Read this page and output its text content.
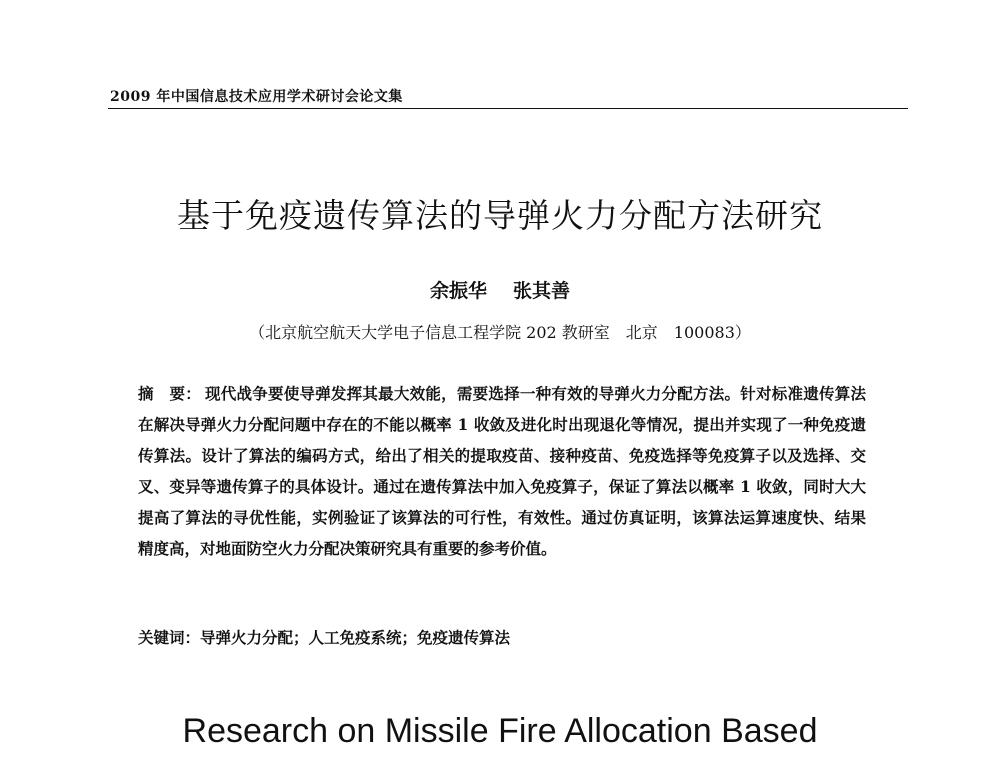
2009 年中国信息技术应用学术研讨会论文集
基于免疫遗传算法的导弹火力分配方法研究
余振华 张其善
（北京航空航天大学电子信息工程学院 202 教研室　北京　100083）
摘　要： 现代战争要使导弹发挥其最大效能，需要选择一种有效的导弹火力分配方法。针对标准遗传算法在解决导弹火力分配问题中存在的不能以概率 1 收敛及进化时出现退化等情况，提出并实现了一种免疫遗传算法。设计了算法的编码方式，给出了相关的提取疫苗、接种疫苗、免疫选择等免疫算子以及选择、交叉、变异等遗传算子的具体设计。通过在遗传算法中加入免疫算子，保证了算法以概率 1 收敛，同时大大提高了算法的寻优性能，实例验证了该算法的可行性，有效性。通过仿真证明，该算法运算速度快、结果精度高，对地面防空火力分配决策研究具有重要的参考价值。
关键词：导弹火力分配；人工免疫系统；免疫遗传算法
Research on Missile Fire Allocation Based
